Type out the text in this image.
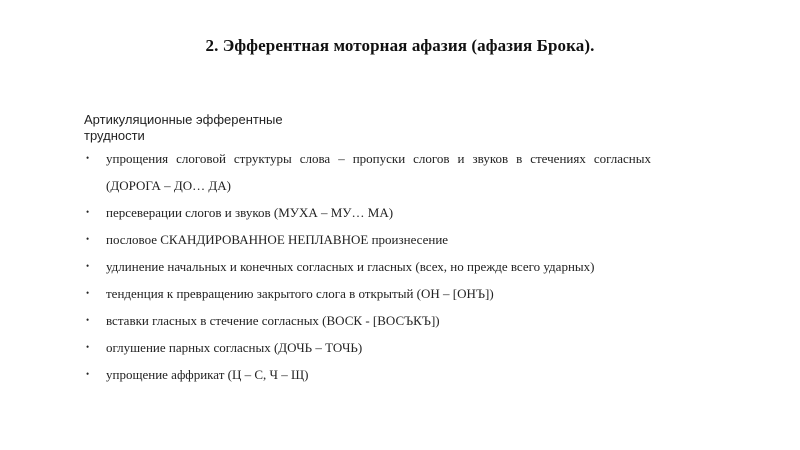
2. Эфферентная моторная афазия (афазия Брока).
Артикуляционные эфферентные трудности
• упрощения слоговой структуры слова – пропуски слогов и звуков в стечениях согласных (ДОРОГА – ДО… ДА)
• персеверации слогов и звуков (МУХА – МУ… МА)
• пословое СКАНДИРОВАННОЕ НЕПЛАВНОЕ произнесение
• удлинение начальных и конечных согласных и гласных (всех, но прежде всего ударных)
• тенденция к превращению закрытого слога в открытый (ОН – [ОНЪ])
• вставки гласных в стечение согласных (ВОСК - [ВОСЪКЪ])
• оглушение парных согласных (ДОЧЬ – ТОЧЬ)
• упрощение аффрикат (Ц – С, Ч – Щ)
